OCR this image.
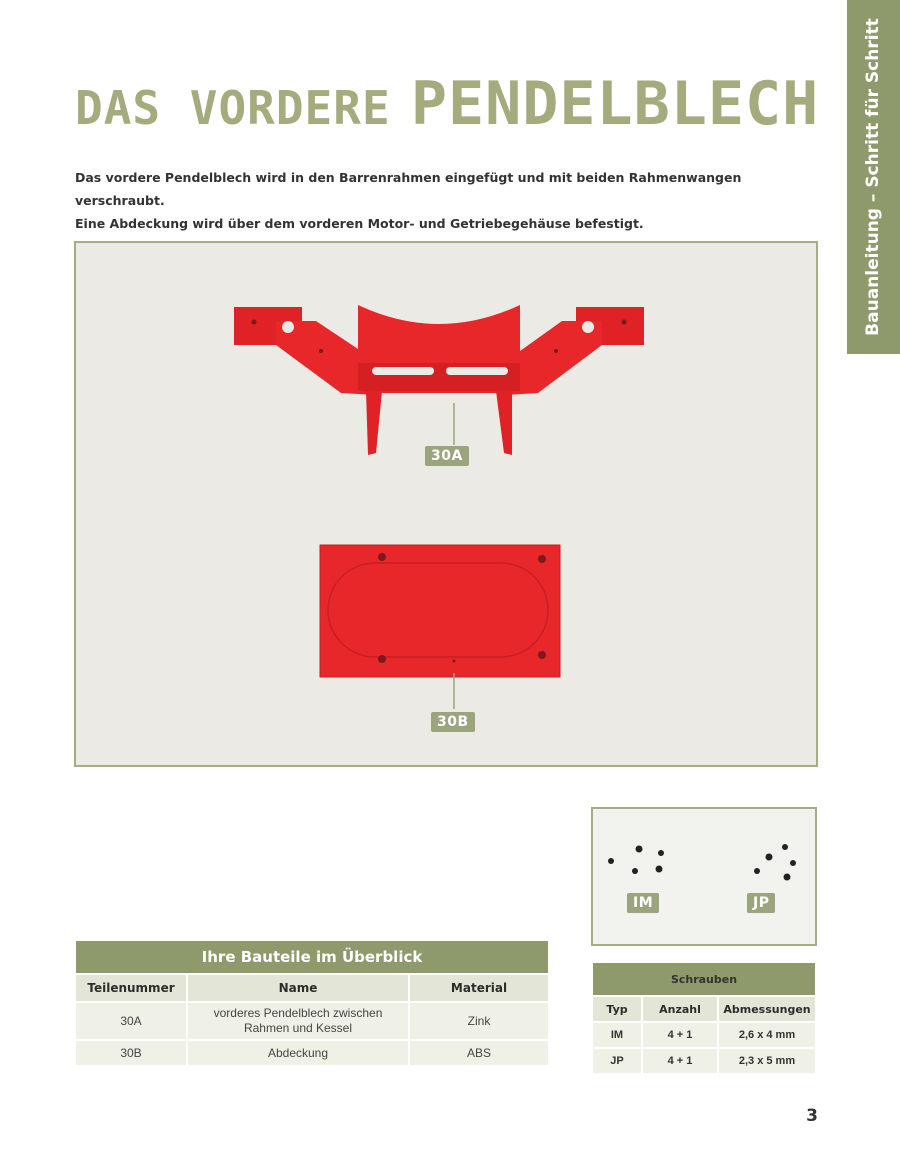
Bauanleitung – Schritt für Schritt
DAS VORDERE PENDELBLECH

Das vordere Pendelblech wird in den Barrenrahmen eingefügt und mit beiden Rahmenwangen verschraubt.
Eine Abdeckung wird über dem vorderen Motor- und Getriebegehäuse befestigt.

30A
30B
IM	JP
Ihre Bauteile im Überblick		
Teilenummer	Name	Material
30A	vorderes Pendelblech zwischen Rahmen und Kessel	Zink
30B	Abdeckung	ABS
Schrauben		
Typ	Anzahl	Abmessungen
IM	4 + 1	2,6 x 4 mm
JP	4 + 1	2,3 x 5 mm
3
